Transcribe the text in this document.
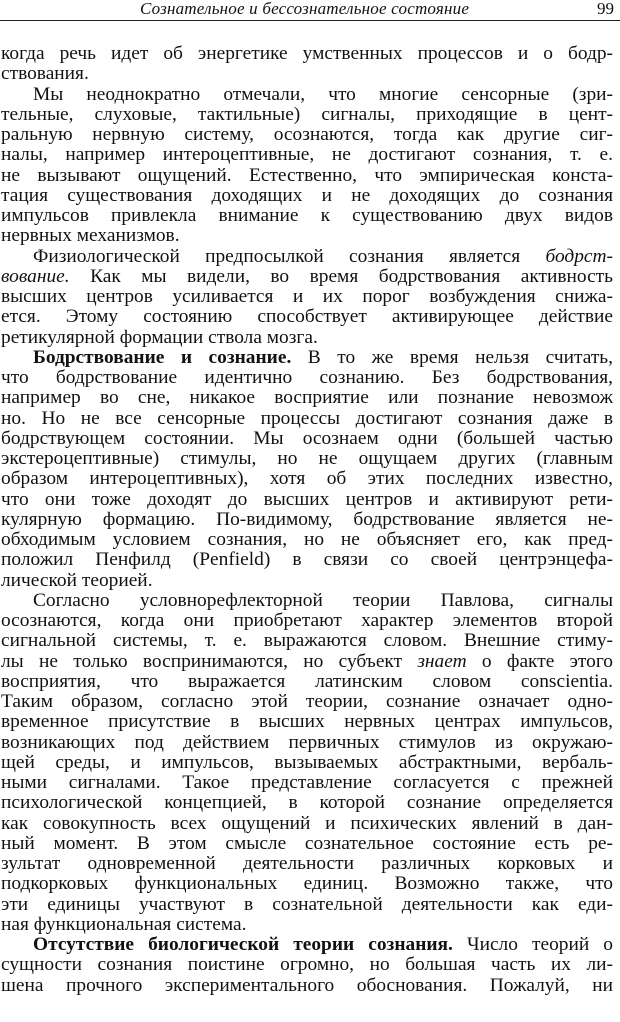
Сознательное и бессознательное состояние	99
когда речь идет об энергетике умственных процессов и о бодр-
ствования.
Мы неоднократно отмечали, что многие сенсорные (зри-
тельные, слуховые, тактильные) сигналы, приходящие в цент-
ральную нервную систему, осознаются, тогда как другие сиг-
налы, например интероцептивные, не достигают сознания, т. е.
не вызывают ощущений. Естественно, что эмпирическая конста-
тация существования доходящих и не доходящих до сознания
импульсов привлекла внимание к существованию двух видов
нервных механизмов.
Физиологической предпосылкой сознания является бодрст-
вование. Как мы видели, во время бодрствования активность
высших центров усиливается и их порог возбуждения снижа-
ется. Этому состоянию способствует активирующее действие
ретикулярной формации ствола мозга.
Бодрствование и сознание. В то же время нельзя считать,
что бодрствование идентично сознанию. Без бодрствования,
например во сне, никакое восприятие или познание невозмож
но. Но не все сенсорные процессы достигают сознания даже в
бодрствующем состоянии. Мы осознаем одни (большей частью
экстероцептивные) стимулы, но не ощущаем других (главным
образом интероцептивных), хотя об этих последних известно,
что они тоже доходят до высших центров и активируют рети-
кулярную формацию. По-видимому, бодрствование является не-
обходимым условием сознания, но не объясняет его, как пред-
положил Пенфилд (Penfield) в связи со своей центрэнцефа-
лической теорией.
Согласно условнорефлекторной теории Павлова, сигналы
осознаются, когда они приобретают характер элементов второй
сигнальной системы, т. е. выражаются словом. Внешние стиму-
лы не только воспринимаются, но субъект знает о факте этого
восприятия, что выражается латинским словом conscientia.
Таким образом, согласно этой теории, сознание означает одно-
временное присутствие в высших нервных центрах импульсов,
возникающих под действием первичных стимулов из окружаю-
щей среды, и импульсов, вызываемых абстрактными, вербаль-
ными сигналами. Такое представление согласуется с прежней
психологической концепцией, в которой сознание определяется
как совокупность всех ощущений и психических явлений в дан-
ный момент. В этом смысле сознательное состояние есть ре-
зультат одновременной деятельности различных корковых и
подкорковых функциональных единиц. Возможно также, что
эти единицы участвуют в сознательной деятельности как еди-
ная функциональная система.
Отсутствие биологической теории сознания. Число теорий о
сущности сознания поистине огромно, но большая часть их ли-
шена прочного экспериментального обоснования. Пожалуй, ни
